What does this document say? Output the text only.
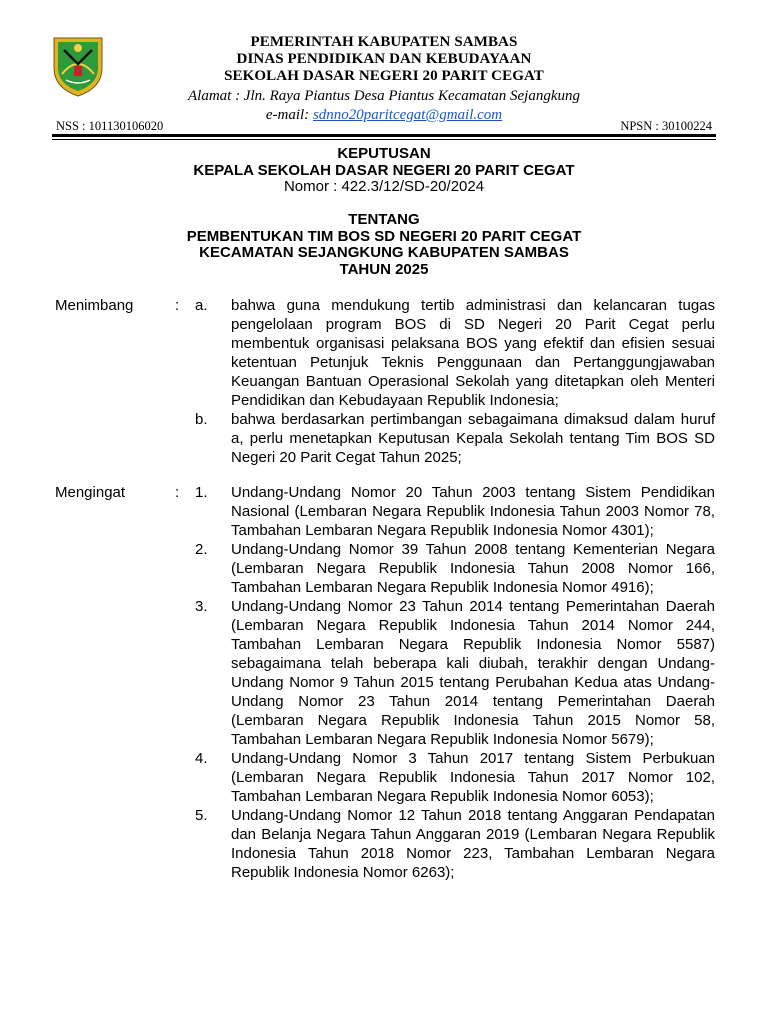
PEMERINTAH KABUPATEN SAMBAS
DINAS PENDIDIKAN DAN KEBUDAYAAN
SEKOLAH DASAR NEGERI 20 PARIT CEGAT
Alamat : Jln. Raya Piantus Desa Piantus Kecamatan Sejangkung
e-mail: sdnno20paritcegat@gmail.com
NSS : 101130106020	NPSN : 30100224
KEPUTUSAN
KEPALA SEKOLAH DASAR NEGERI 20 PARIT CEGAT
Nomor : 422.3/12/SD-20/2024
TENTANG
PEMBENTUKAN TIM BOS SD NEGERI 20 PARIT CEGAT
KECAMATAN SEJANGKUNG KABUPATEN SAMBAS
TAHUN 2025
Menimbang	: a. bahwa guna mendukung tertib administrasi dan kelancaran tugas pengelolaan program BOS di SD Negeri 20 Parit Cegat perlu membentuk organisasi pelaksana BOS yang efektif dan efisien sesuai ketentuan Petunjuk Teknis Penggunaan dan Pertanggungjawaban Keuangan Bantuan Operasional Sekolah yang ditetapkan oleh Menteri Pendidikan dan Kebudayaan Republik Indonesia;
b. bahwa berdasarkan pertimbangan sebagaimana dimaksud dalam huruf a, perlu menetapkan Keputusan Kepala Sekolah tentang Tim BOS SD Negeri 20 Parit Cegat Tahun 2025;
Mengingat	: 1. Undang-Undang Nomor 20 Tahun 2003 tentang Sistem Pendidikan Nasional (Lembaran Negara Republik Indonesia Tahun 2003 Nomor 78, Tambahan Lembaran Negara Republik Indonesia Nomor 4301);
2. Undang-Undang Nomor 39 Tahun 2008 tentang Kementerian Negara (Lembaran Negara Republik Indonesia Tahun 2008 Nomor 166, Tambahan Lembaran Negara Republik Indonesia Nomor 4916);
3. Undang-Undang Nomor 23 Tahun 2014 tentang Pemerintahan Daerah (Lembaran Negara Republik Indonesia Tahun 2014 Nomor 244, Tambahan Lembaran Negara Republik Indonesia Nomor 5587) sebagaimana telah beberapa kali diubah, terakhir dengan Undang-Undang Nomor 9 Tahun 2015 tentang Perubahan Kedua atas Undang-Undang Nomor 23 Tahun 2014 tentang Pemerintahan Daerah (Lembaran Negara Republik Indonesia Tahun 2015 Nomor 58, Tambahan Lembaran Negara Republik Indonesia Nomor 5679);
4. Undang-Undang Nomor 3 Tahun 2017 tentang Sistem Perbukuan (Lembaran Negara Republik Indonesia Tahun 2017 Nomor 102, Tambahan Lembaran Negara Republik Indonesia Nomor 6053);
5. Undang-Undang Nomor 12 Tahun 2018 tentang Anggaran Pendapatan dan Belanja Negara Tahun Anggaran 2019 (Lembaran Negara Republik Indonesia Tahun 2018 Nomor 223, Tambahan Lembaran Negara Republik Indonesia Nomor 6263);
